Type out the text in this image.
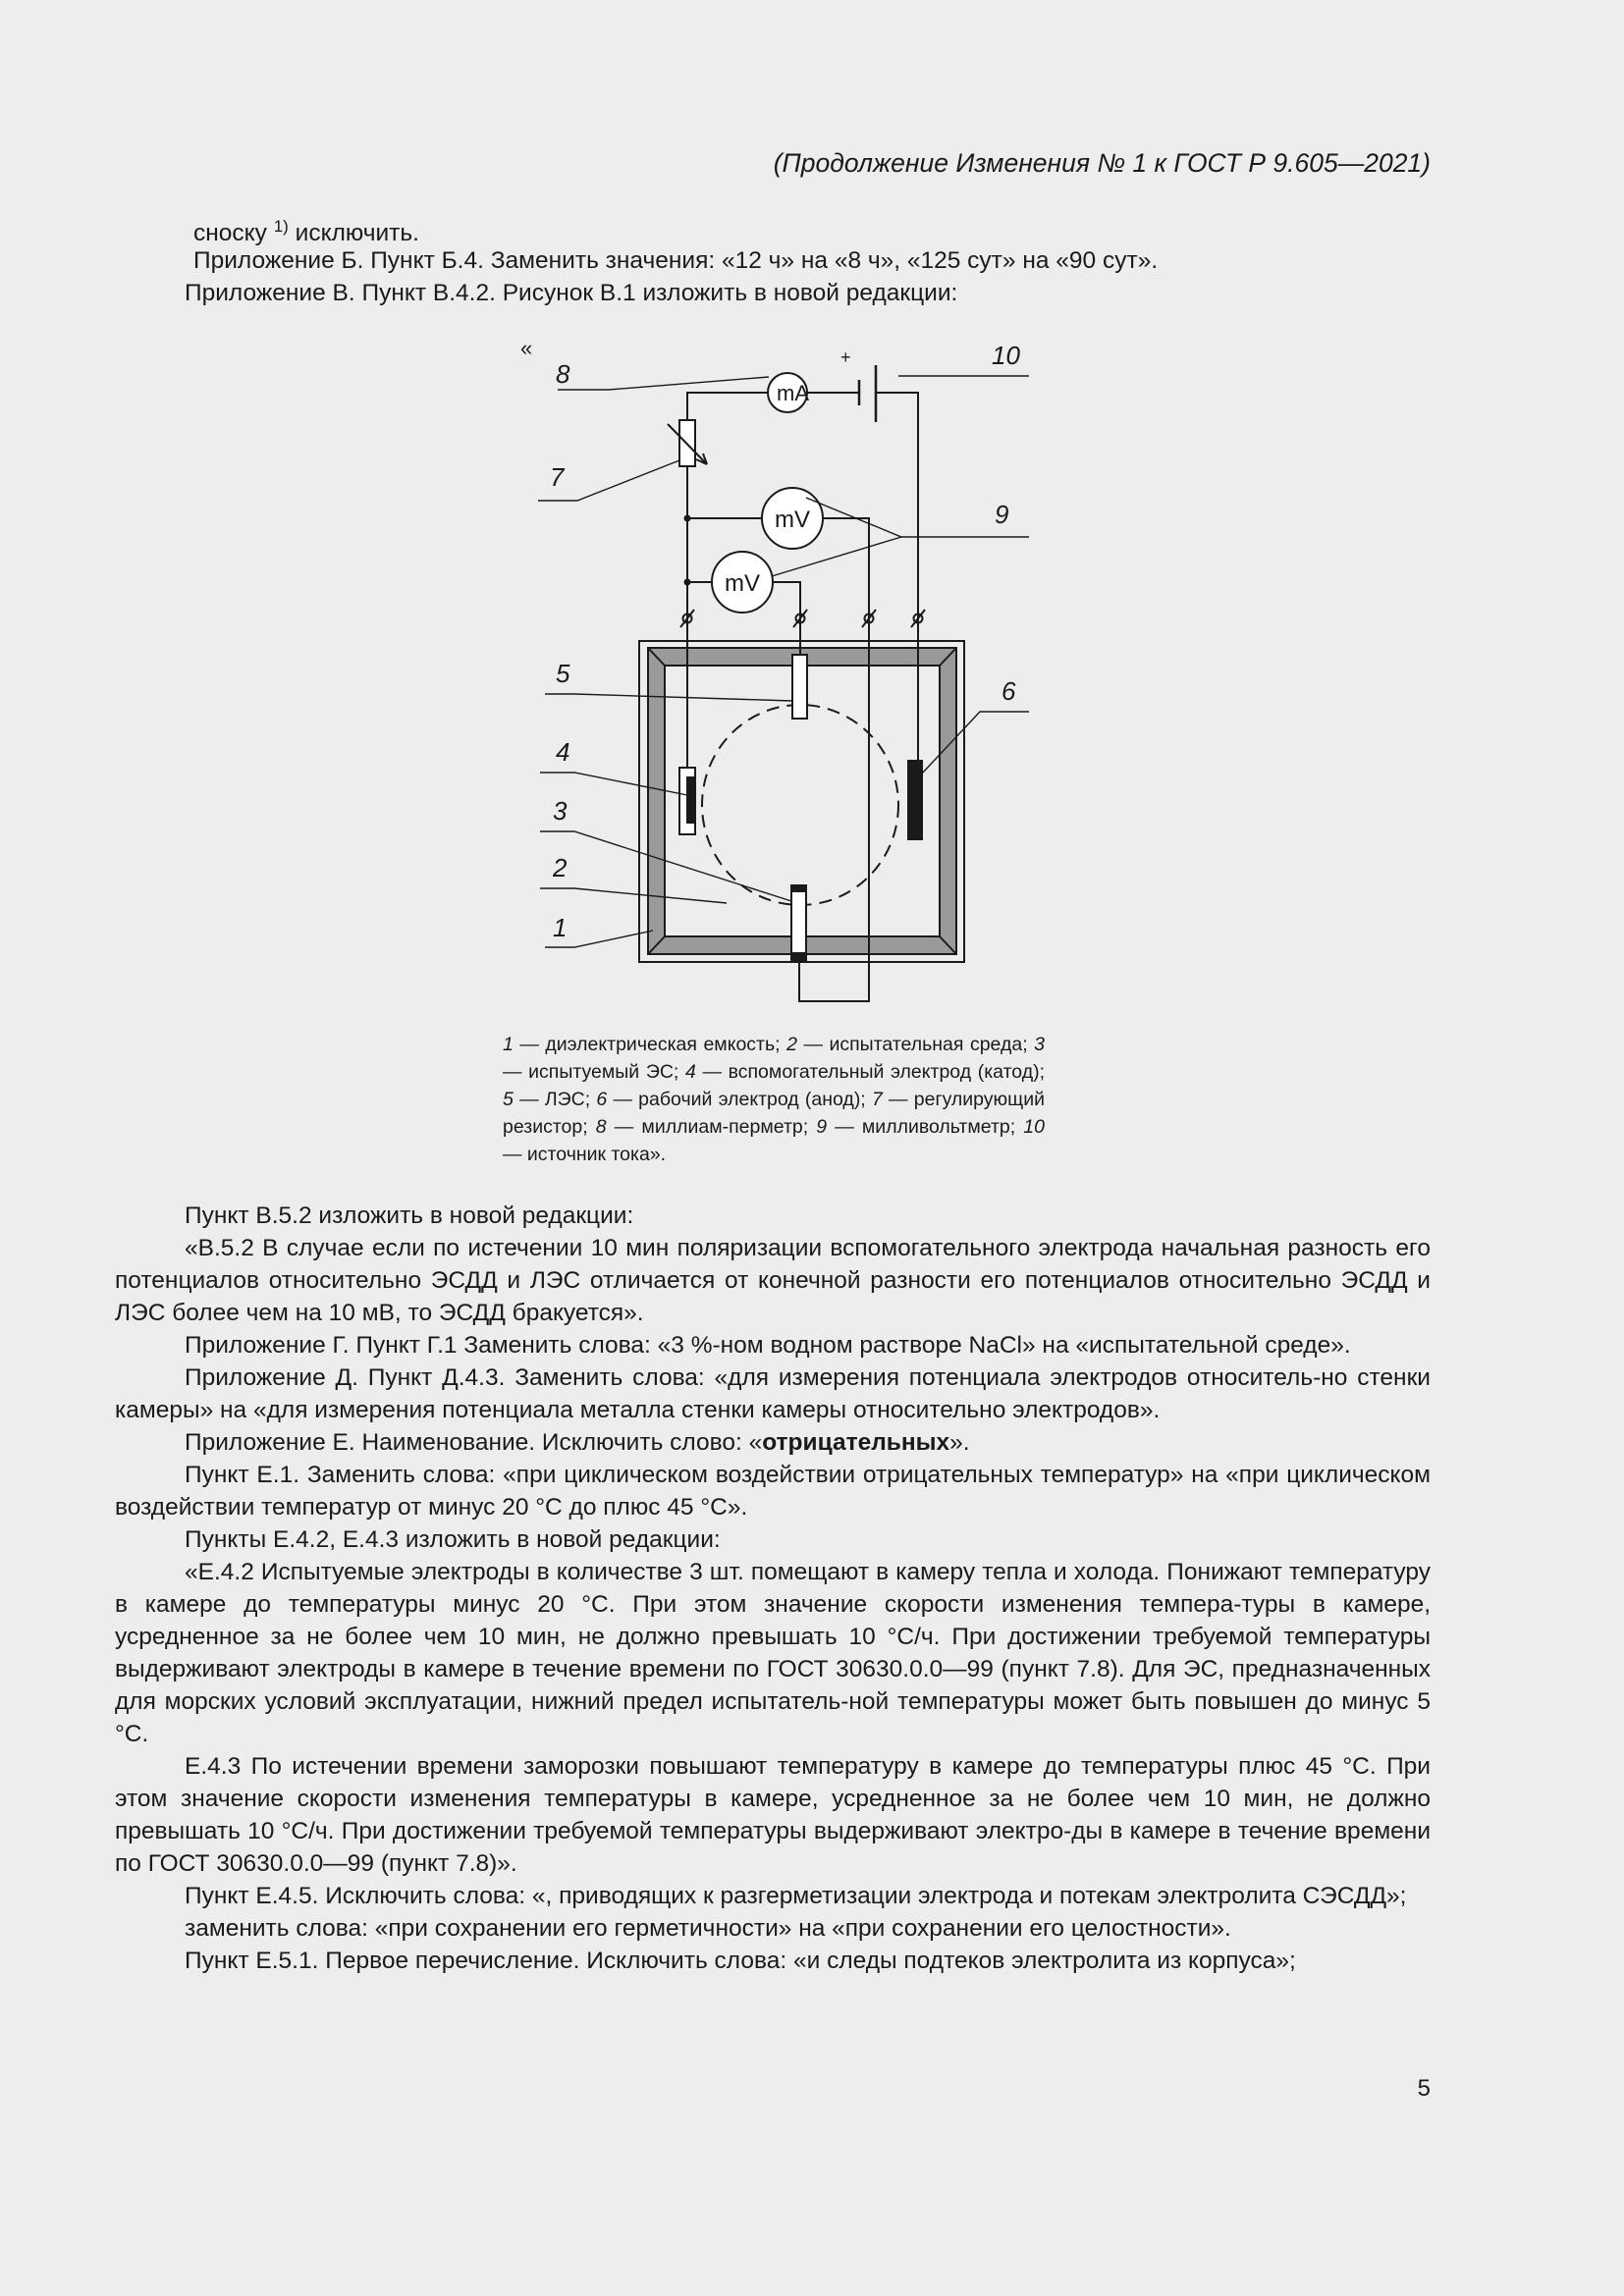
(Продолжение Изменения № 1 к ГОСТ Р 9.605—2021)
сноску $^{1)}$ исключить.
Приложение Б. Пункт Б.4. Заменить значения: «12 ч» на «8 ч», «125 сут» на «90 сут».
Приложение В. Пункт В.4.2. Рисунок В.1 изложить в новой редакции:
mA
mV
mV
+
«
8
10
7
9
5
6
4
3
2
1
1 — диэлектрическая емкость; 2 — испытательная среда; 3 — испытуемый ЭС; 4 — вспомогательный электрод (катод); 5 — ЛЭС; 6 — рабочий электрод (анод); 7 — регулирующий резистор; 8 — миллиам-перметр; 9 — милливольтметр; 10 — источник тока».

Пункт В.5.2 изложить в новой редакции:

«В.5.2 В случае если по истечении 10 мин поляризации вспомогательного электрода начальная разность его потенциалов относительно ЭСДД и ЛЭС отличается от конечной разности его потенциалов относительно ЭСДД и ЛЭС более чем на 10 мВ, то ЭСДД бракуется».

Приложение Г. Пункт Г.1 Заменить слова: «3 %-ном водном растворе NaCl» на «испытательной среде».

Приложение Д. Пункт Д.4.3. Заменить слова: «для измерения потенциала электродов относитель-но стенки камеры» на «для измерения потенциала металла стенки камеры относительно электродов».

Приложение Е. Наименование. Исключить слово: «отрицательных».

Пункт Е.1. Заменить слова: «при циклическом воздействии отрицательных температур» на «при циклическом воздействии температур от минус 20 °С до плюс 45 °С».

Пункты Е.4.2, Е.4.3 изложить в новой редакции:

«Е.4.2 Испытуемые электроды в количестве 3 шт. помещают в камеру тепла и холода. Понижают температуру в камере до температуры минус 20 °С. При этом значение скорости изменения темпера-туры в камере, усредненное за не более чем 10 мин, не должно превышать 10 °С/ч. При достижении требуемой температуры выдерживают электроды в камере в течение времени по ГОСТ 30630.0.0—99 (пункт 7.8). Для ЭС, предназначенных для морских условий эксплуатации, нижний предел испытатель-ной температуры может быть повышен до минус 5 °С.

Е.4.3 По истечении времени заморозки повышают температуру в камере до температуры плюс 45 °С. При этом значение скорости изменения температуры в камере, усредненное за не более чем 10 мин, не должно превышать 10 °С/ч. При достижении требуемой температуры выдерживают электро-ды в камере в течение времени по ГОСТ 30630.0.0—99 (пункт 7.8)».

Пункт Е.4.5. Исключить слова: «, приводящих к разгерметизации электрода и потекам электролита СЭСДД»;

заменить слова: «при сохранении его герметичности» на «при сохранении его целостности».

Пункт Е.5.1. Первое перечисление. Исключить слова: «и следы подтеков электролита из корпуса»;

5
